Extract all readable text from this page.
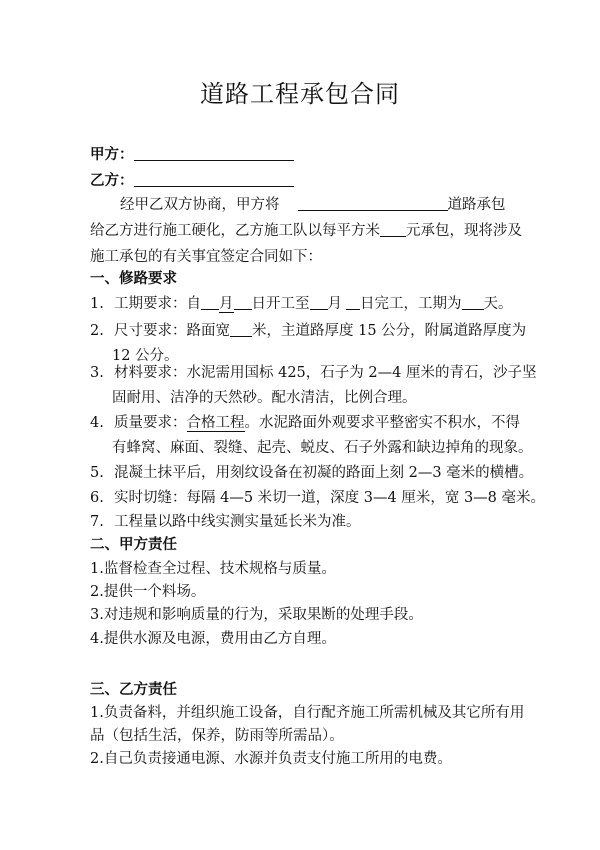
道路工程承包合同
甲方：
乙方：
经甲乙双方协商，甲方将	道路承包
给乙方进行施工硬化，乙方施工队以每平方米 元承包，现将涉及
施工承包的有关事宜签定合同如下：
一、修路要求
1. 工期要求：自 月 日开工至 月 日完工，工期为 天。
2. 尺寸要求：路面宽 米，主道路厚度 15 公分，附属道路厚度为
12 公分。
3. 材料要求：水泥需用国标 425，石子为 2—4 厘米的青石，沙子坚
固耐用、洁净的天然砂。配水清洁，比例合理。
4. 质量要求：合格工程。水泥路面外观要求平整密实不积水，不得
有蜂窝、麻面、裂缝、起壳、蜕皮、石子外露和缺边掉角的现象。
5. 混凝土抹平后，用刻纹设备在初凝的路面上刻 2—3 毫米的横槽。
6. 实时切缝：每隔 4—5 米切一道，深度 3—4 厘米，宽 3—8 毫米。
7. 工程量以路中线实测实量延长米为准。
二、甲方责任
1.监督检查全过程、技术规格与质量。
2.提供一个料场。
3.对违规和影响质量的行为，采取果断的处理手段。
4.提供水源及电源，费用由乙方自理。
三、乙方责任
1.负责备料，并组织施工设备，自行配齐施工所需机械及其它所有用
品（包括生活，保养，防雨等所需品）。
2.自己负责接通电源、水源并负责支付施工所用的电费。
